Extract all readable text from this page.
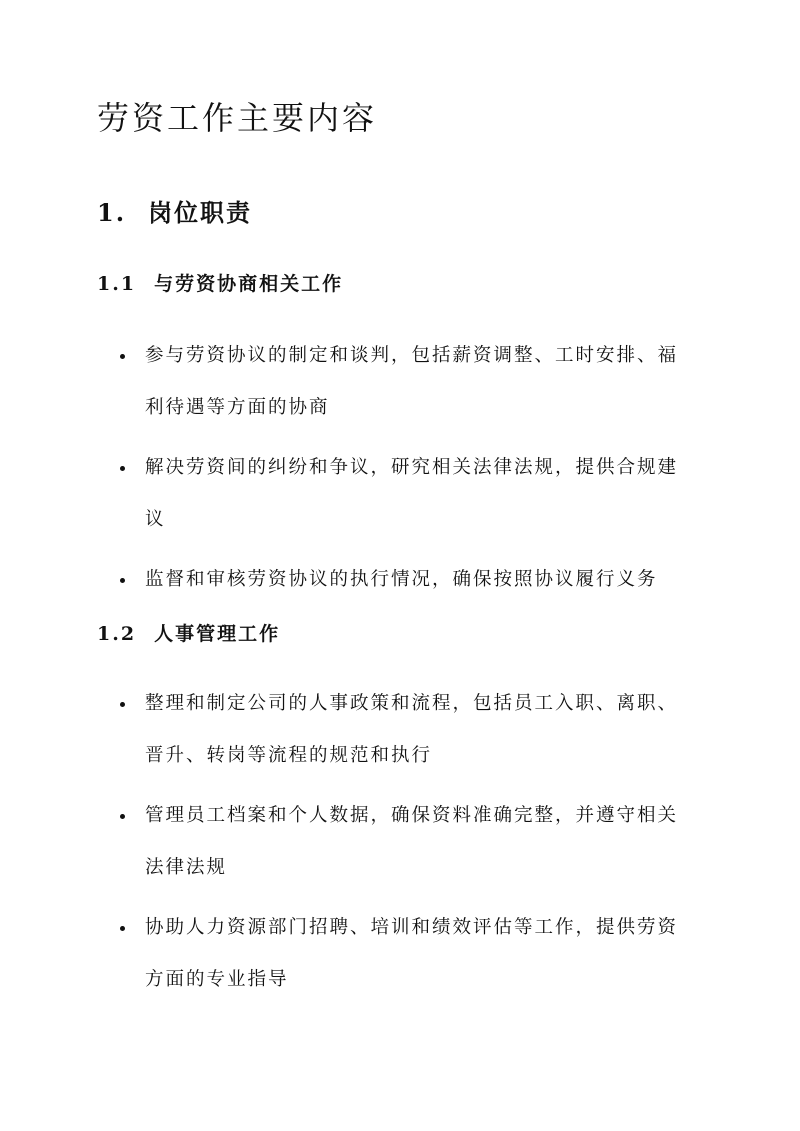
劳资工作主要内容
1. 岗位职责
1.1 与劳资协商相关工作
参与劳资协议的制定和谈判，包括薪资调整、工时安排、福利待遇等方面的协商
解决劳资间的纠纷和争议，研究相关法律法规，提供合规建议
监督和审核劳资协议的执行情况，确保按照协议履行义务
1.2 人事管理工作
整理和制定公司的人事政策和流程，包括员工入职、离职、晋升、转岗等流程的规范和执行
管理员工档案和个人数据，确保资料准确完整，并遵守相关法律法规
协助人力资源部门招聘、培训和绩效评估等工作，提供劳资方面的专业指导
